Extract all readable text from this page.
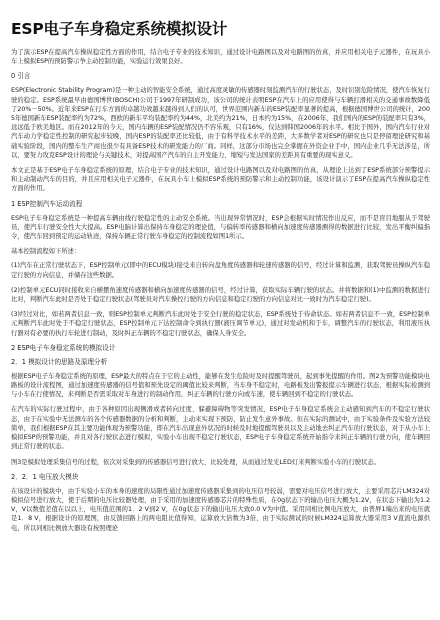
ESP电子车身稳定系统模拟设计

为了演示ESP在提高汽车操纵稳定性方面的作用，结合电子专业的技术知识，通过设计电路图以及对电路图的仿真，并应用相关电子元器件，在玩具小车上模拟ESP的预防警示争主动控制功能，实验运行效果良好。

0 引言

ESP(Electronic Stability Program)是一种主动的智能安全系统，通过高度灵敏的传感器时刻监测汽车的行驶状态，及时识别危险情况，使汽车恢复行驶的稳定。ESP系统最早由德国博世(BOSCH)公司于1997年研制成功，该公司的统计表明ESP在汽车上的应用使得与车辆打滑相关的交通事故数降低了20%－50%。近年来ESP在行车方面的卓越功效越来越得到人们的认可，世界范围内新车的ESP装配率显著的提高，根据德国博世公司的统计，2005年德国新车ESP装配率约为72%，西欧的新车平均装配率约为44%，北美约为21%，日本约为15%，在2006年，我们国内的ESP的装配率只有3%，远远低于欧美地区。而在2012年的今天，国内车辆的ESP装配情况仍不容乐观，只有16%，仅达到韩国2006年的水平。相比于国外，国内汽车行业对汽车动力学稳定性控制的研究起步较晚，国内ESP的装配率还比较低，由于有科学技术水平的差距，大多数学者对ESP的研究也只是停留理论研究和基础实验阶段，国内的整车生产商也很少有具备ESP技术的研发能力的厂商。同样，这部分市场也完全掌握在外资企业手中，国内企业几乎无法涉足，所以，要努力攻克ESP设计的理论与关键技术，对提高国产汽车的自主开发能力、缩短与发达国家的差距具有重要的现实意义。

本文正是基于ESP电子车身稳定系统的原理，结合电子专业的技术知识，通过设计电路图以及对电路图的仿真，从理论上达到了ESP系统部分预警提示和主动制动汽车的目的，并且应用相关电子元器件，在玩具小车上模拟ESP系统的预防警示和主动控制功能，该设计演示了ESP在提高汽车操纵稳定性方面的作用。

1 ESP控制汽车运动流程

ESP电子车身稳定系统是一种提高车辆由线行驶稳定性的主动安全系统。当出现异常情况时，ESP会根据实时情况作出反应，而不是盲目地服从于驾驶员，使汽车行驶安全性大大提高。ESP电脑计算出保持车身稳定的理论值，与偏转率传感器和横向加速度传感器测得的数据进行比较，发出平衡纠偏指令，使汽车回到预定的运动轨迹，保持车辆正常行驶车身稳定的控制流程如图1所示。

基本控制流程如下所述：

(1)汽车在正常行驶状态下，ESP控制单元(即中的ECU模块)接受来自转向盘角度传感器和轮速传感器的信号，经过计算和监测，获取驾驶员操纵汽车稳定行驶的方向信息，并储存这些数据。

(2)控制单元ECU同时接收来自横摆角速度传感器和横向加速度传感器的信号，经过计算，获取实际车辆行驶的状态。并将数据和(1)中监测的数据进行比对，判断汽车此时是否处于稳定行驶状态(驾驶员对汽车操控行驶的方向信息和稳定行驶的方向信息对比一致时为汽车稳定行驶)。

(3)经过对比，如若两者信息一致，则ESP控制单元判断汽车此时处于安全行驶的稳定状态，ESP系统处于待命状态。如若两者信息不一致，ESP控制单元判断汽车此时处于不稳定行驶状态，ESP控制单元下达控制命令到执行器(液压调节单元)，通过对发动机和于车，调整汽车的行驶状态，利用液压执行器对有必要的执行车轮进行制动，及时纠正车辆的不稳定行驶状态，确保人身安全。

2 ESP电子车身稳定系统的模拟设计
2．1 模拟设计的思路及原理分析

根据ESP电子车身稳定系统的原理，ESP最大的特点在于它的主动性，能够在发生危险时及时提醒驾驶员，起到事先提醒的作用。图2为预警功能模块电路板的设计流程图，通过加速度传感器的信号值和预先设定的阈值比较来判断，当车身不稳定时，电路板发出警报提示车辆进行状态，根据实际检测到与小车在行使情况，来判断是否需采取对车身进行的制动作用，纠正车辆的行驶方向或车速，使车辆回到不稳定的行驶状态。

在汽车的实际行驶过程中，由于各种原因出现侧滑或者转向过度、躲避障碍物等突发情况，ESP电子车身稳定系统会主动感知到汽车的不稳定行驶状态，由于在实验中无法测车的各个传感器数据的分析和判断，主动来实现下预防，防止发生意外事故。但在实际的测试中，由于实验条件及实验方法较简单，我们根据ESP在其主要功能体现为预警功能，即在汽车出现意外状况的时候及时地提醒驾驶员以及主动地去纠正汽车的行驶状态，对于从小车上模拟ESP的预警功能，并且对各行驶状态进行模拟，实验小车出现不稳定行驶状态，ESP电子车身稳定系统开始指令来纠正车辆的行驶方向，使车辆回到正常行驶的状态。

图3是模拟处理采集信号的过程，依次对采集到的传感器信号进行放大、比较处理，从而通过发光LED灯来判断实验小车的行驶状态。

2．2．1 电压放大模块

在该设计的模块中，由于实验小车的本身的速度的局限性通过加速度传感器采集到的电压信号较弱，需要对电压信号进行放大，主要采用芯片LM324对模拟信号进行放大，使于后期的电压比较器处理，由于采用的加速度传感器芯片的特殊性质，在0g状态下的输出电压大概为1.2V，在状态下输出为1.2V，V以数值差值在以以上，电压值范围的1．2 V到2 V，在0g状态下的输出电压大致0.0 V为中值。采用同相比例电压放大，由普屏1端出来的电压就是1．8 V，根据设计的原理图，由反馈回路上的两电阻比值得知，运算放大倍数为3倍，由于实际测试的时候LM324运算放大器采用3 V直流电源供电，所以同相比例放大器设有按照理论
